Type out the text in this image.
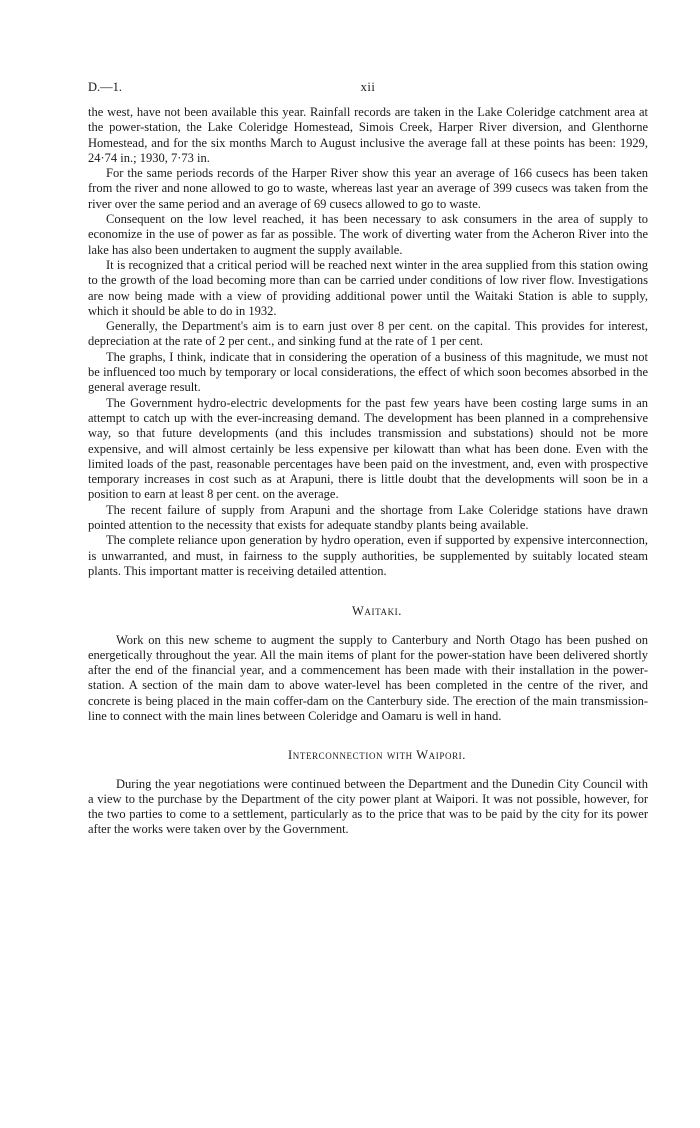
D.—1.	xii

the west, have not been available this year. Rainfall records are taken in the Lake Coleridge catchment area at the power-station, the Lake Coleridge Homestead, Simois Creek, Harper River diversion, and Glenthorne Homestead, and for the six months March to August inclusive the average fall at these points has been: 1929, 24·74 in.; 1930, 7·73 in.

For the same periods records of the Harper River show this year an average of 166 cusecs has been taken from the river and none allowed to go to waste, whereas last year an average of 399 cusecs was taken from the river over the same period and an average of 69 cusecs allowed to go to waste.

Consequent on the low level reached, it has been necessary to ask consumers in the area of supply to economize in the use of power as far as possible. The work of diverting water from the Acheron River into the lake has also been undertaken to augment the supply available.

It is recognized that a critical period will be reached next winter in the area supplied from this station owing to the growth of the load becoming more than can be carried under conditions of low river flow. Investigations are now being made with a view of providing additional power until the Waitaki Station is able to supply, which it should be able to do in 1932.

Generally, the Department's aim is to earn just over 8 per cent. on the capital. This provides for interest, depreciation at the rate of 2 per cent., and sinking fund at the rate of 1 per cent.

The graphs, I think, indicate that in considering the operation of a business of this magnitude, we must not be influenced too much by temporary or local considerations, the effect of which soon becomes absorbed in the general average result.

The Government hydro-electric developments for the past few years have been costing large sums in an attempt to catch up with the ever-increasing demand. The development has been planned in a comprehensive way, so that future developments (and this includes transmission and substations) should not be more expensive, and will almost certainly be less expensive per kilowatt than what has been done. Even with the limited loads of the past, reasonable percentages have been paid on the investment, and, even with prospective temporary increases in cost such as at Arapuni, there is little doubt that the developments will soon be in a position to earn at least 8 per cent. on the average.

The recent failure of supply from Arapuni and the shortage from Lake Coleridge stations have drawn pointed attention to the necessity that exists for adequate standby plants being available.

The complete reliance upon generation by hydro operation, even if supported by expensive interconnection, is unwarranted, and must, in fairness to the supply authorities, be supplemented by suitably located steam plants. This important matter is receiving detailed attention.

Waitaki.

Work on this new scheme to augment the supply to Canterbury and North Otago has been pushed on energetically throughout the year. All the main items of plant for the power-station have been delivered shortly after the end of the financial year, and a commencement has been made with their installation in the power-station. A section of the main dam to above water-level has been completed in the centre of the river, and concrete is being placed in the main coffer-dam on the Canterbury side. The erection of the main transmission-line to connect with the main lines between Coleridge and Oamaru is well in hand.

Interconnection with Waipori.

During the year negotiations were continued between the Department and the Dunedin City Council with a view to the purchase by the Department of the city power plant at Waipori. It was not possible, however, for the two parties to come to a settlement, particularly as to the price that was to be paid by the city for its power after the works were taken over by the Government.
